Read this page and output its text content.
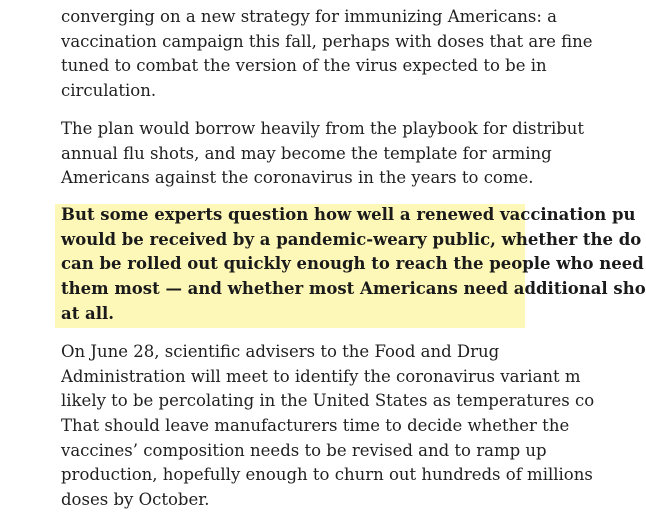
converging on a new strategy for immunizing Americans: a
vaccination campaign this fall, perhaps with doses that are fine
tuned to combat the version of the virus expected to be in
circulation.
The plan would borrow heavily from the playbook for distribut
annual flu shots, and may become the template for arming
Americans against the coronavirus in the years to come.
But some experts question how well a renewed vaccination pu
would be received by a pandemic-weary public, whether the do
can be rolled out quickly enough to reach the people who need
them most — and whether most Americans need additional sho
at all.
On June 28, scientific advisers to the Food and Drug
Administration will meet to identify the coronavirus variant m
likely to be percolating in the United States as temperatures co
That should leave manufacturers time to decide whether the
vaccines’ composition needs to be revised and to ramp up
production, hopefully enough to churn out hundreds of millions
doses by October.
